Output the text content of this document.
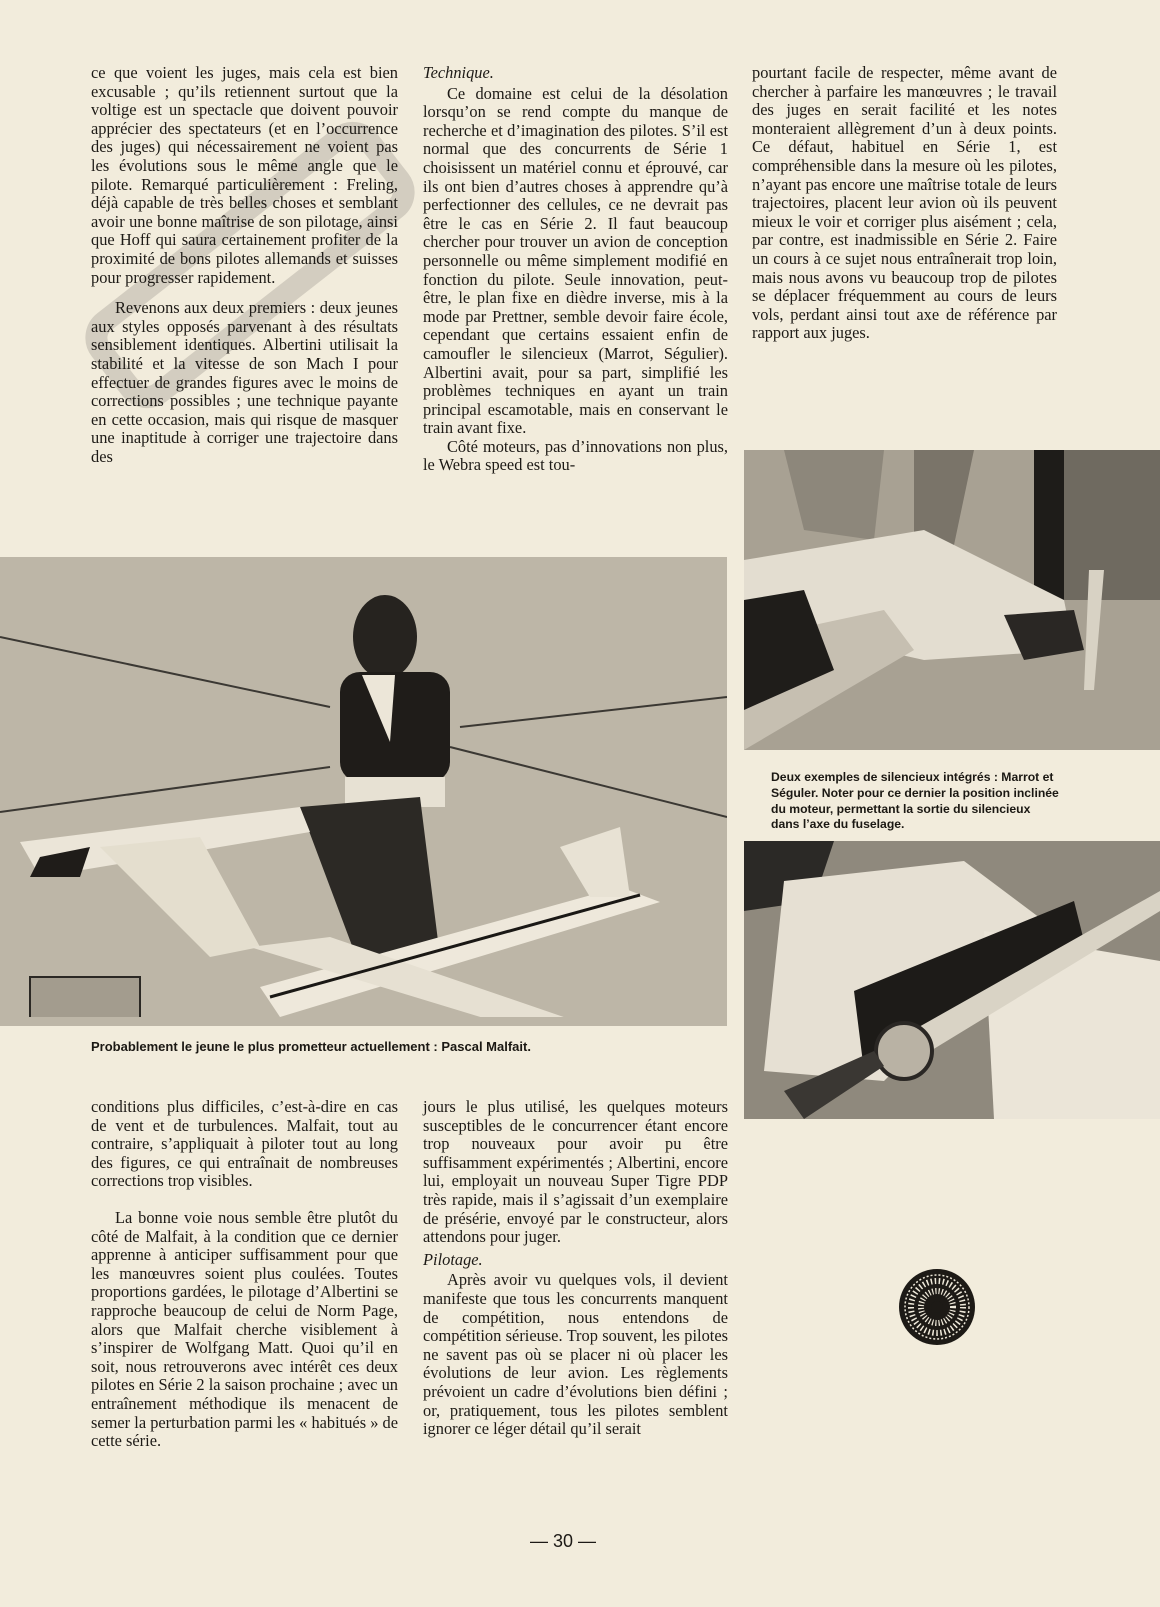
ce que voient les juges, mais cela est bien excusable ; qu’ils retiennent surtout que la voltige est un spectacle que doivent pouvoir apprécier des spectateurs (et en l’occurrence des juges) qui nécessairement ne voient pas les évolutions sous le même angle que le pilote. Remarqué particulièrement : Freling, déjà capable de très belles choses et semblant avoir une bonne maîtrise de son pilotage, ainsi que Hoff qui saura certainement profiter de la proximité de bons pilotes allemands et suisses pour progresser rapidement.

Revenons aux deux premiers : deux jeunes aux styles opposés parvenant à des résultats sensiblement identiques. Albertini utilisait la stabilité et la vitesse de son Mach I pour effectuer de grandes figures avec le moins de corrections possibles ; une technique payante en cette occasion, mais qui risque de masquer une inaptitude à corriger une trajectoire dans des

Technique.

Ce domaine est celui de la désolation lorsqu’on se rend compte du manque de recherche et d’imagination des pilotes. S’il est normal que des concurrents de Série 1 choisissent un matériel connu et éprouvé, car ils ont bien d’autres choses à apprendre qu’à perfectionner des cellules, ce ne devrait pas être le cas en Série 2. Il faut beaucoup chercher pour trouver un avion de conception personnelle ou même simplement modifié en fonction du pilote. Seule innovation, peut-être, le plan fixe en dièdre inverse, mis à la mode par Prettner, semble devoir faire école, cependant que certains essaient enfin de camoufler le silencieux (Marrot, Ségulier). Albertini avait, pour sa part, simplifié les problèmes techniques en ayant un train principal escamotable, mais en conservant le train avant fixe.

Côté moteurs, pas d’innovations non plus, le Webra speed est tou-

pourtant facile de respecter, même avant de chercher à parfaire les manœuvres ; le travail des juges en serait facilité et les notes monteraient allègrement d’un à deux points. Ce défaut, habituel en Série 1, est compréhensible dans la mesure où les pilotes, n’ayant pas encore une maîtrise totale de leurs trajectoires, placent leur avion où ils peuvent mieux le voir et corriger plus aisément ; cela, par contre, est inadmissible en Série 2. Faire un cours à ce sujet nous entraînerait trop loin, mais nous avons vu beaucoup trop de pilotes se déplacer fréquemment au cours de leurs vols, perdant ainsi tout axe de référence par rapport aux juges.

Deux exemples de silencieux intégrés : Marrot et Séguler. Noter pour ce dernier la position inclinée du moteur, permettant la sortie du silencieux dans l’axe du fuselage.
Probablement le jeune le plus prometteur actuellement : Pascal Malfait.

conditions plus difficiles, c’est-à-dire en cas de vent et de turbulences. Malfait, tout au contraire, s’appliquait à piloter tout au long des figures, ce qui entraînait de nombreuses corrections trop visibles.

La bonne voie nous semble être plutôt du côté de Malfait, à la condition que ce dernier apprenne à anticiper suffisamment pour que les manœuvres soient plus coulées. Toutes proportions gardées, le pilotage d’Albertini se rapproche beaucoup de celui de Norm Page, alors que Malfait cherche visiblement à s’inspirer de Wolfgang Matt. Quoi qu’il en soit, nous retrouverons avec intérêt ces deux pilotes en Série 2 la saison prochaine ; avec un entraînement méthodique ils menacent de semer la perturbation parmi les « habitués » de cette série.

jours le plus utilisé, les quelques moteurs susceptibles de le concurrencer étant encore trop nouveaux pour avoir pu être suffisamment expérimentés ; Albertini, encore lui, employait un nouveau Super Tigre PDP très rapide, mais il s’agissait d’un exemplaire de présérie, envoyé par le constructeur, alors attendons pour juger.

Pilotage.

Après avoir vu quelques vols, il devient manifeste que tous les concurrents manquent de compétition, nous entendons de compétition sérieuse. Trop souvent, les pilotes ne savent pas où se placer ni où placer les évolutions de leur avion. Les règlements prévoient un cadre d’évolutions bien défini ; or, pratiquement, tous les pilotes semblent ignorer ce léger détail qu’il serait

— 30 —
